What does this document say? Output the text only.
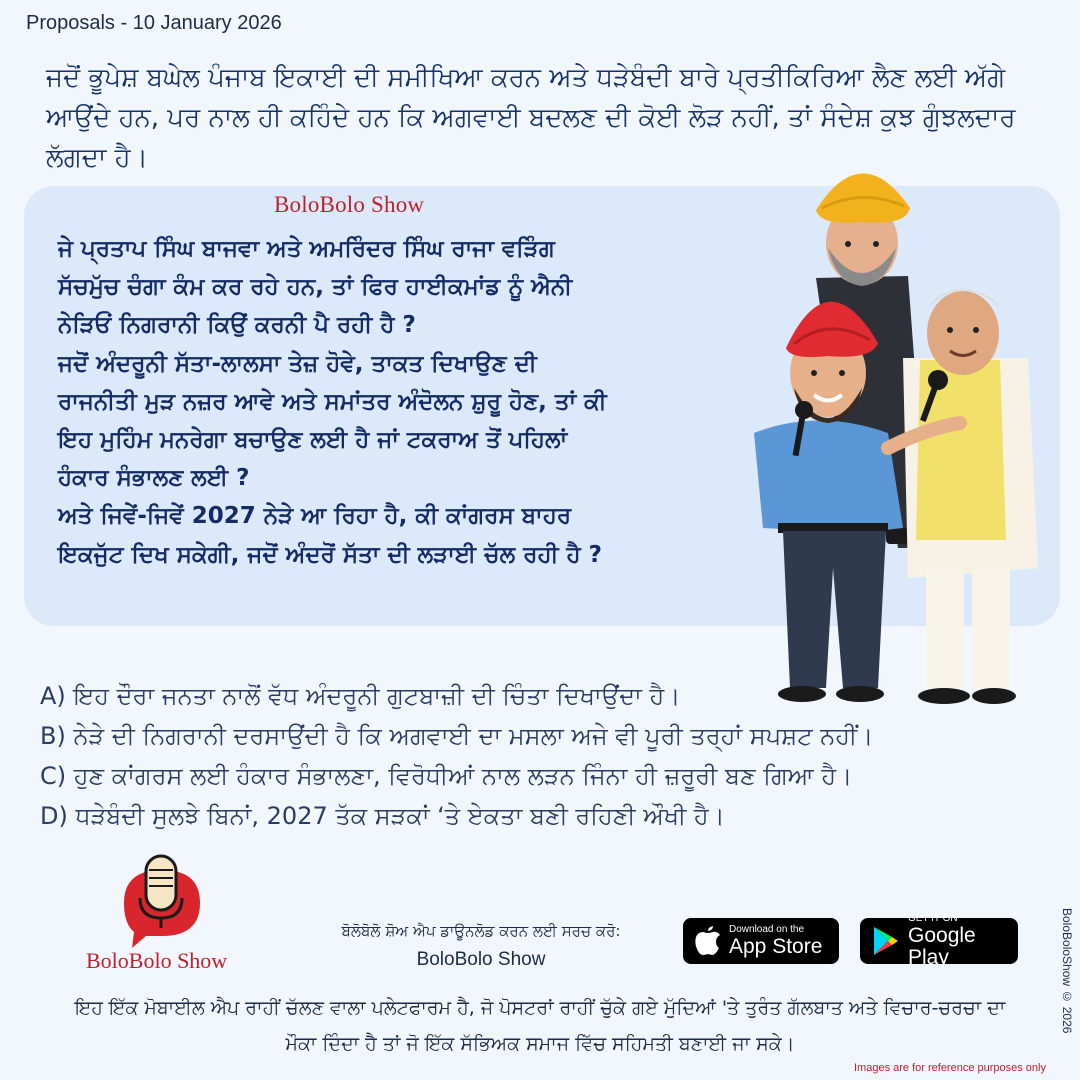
Proposals - 10 January 2026

ਜਦੋਂ ਭੂਪੇਸ਼ ਬਘੇਲ ਪੰਜਾਬ ਇਕਾਈ ਦੀ ਸਮੀਖਿਆ ਕਰਨ ਅਤੇ ਧੜੇਬੰਦੀ ਬਾਰੇ ਪ੍ਰਤੀਕਿਰਿਆ ਲੈਣ ਲਈ ਅੱਗੇ ਆਉਂਦੇ ਹਨ, ਪਰ ਨਾਲ ਹੀ ਕਹਿੰਦੇ ਹਨ ਕਿ ਅਗਵਾਈ ਬਦਲਣ ਦੀ ਕੋਈ ਲੋੜ ਨਹੀਂ, ਤਾਂ ਸੰਦੇਸ਼ ਕੁਝ ਗੁੰਝਲਦਾਰ ਲੱਗਦਾ ਹੈ।

BoloBolo Show
ਜੇ ਪ੍ਰਤਾਪ ਸਿੰਘ ਬਾਜਵਾ ਅਤੇ ਅਮਰਿੰਦਰ ਸਿੰਘ ਰਾਜਾ ਵੜਿੰਗ
ਸੱਚਮੁੱਚ ਚੰਗਾ ਕੰਮ ਕਰ ਰਹੇ ਹਨ, ਤਾਂ ਫਿਰ ਹਾਈਕਮਾਂਡ ਨੂੰ ਐਨੀ
ਨੇੜਿਓਂ ਨਿਗਰਾਨੀ ਕਿਉਂ ਕਰਨੀ ਪੈ ਰਹੀ ਹੈ ?
ਜਦੋਂ ਅੰਦਰੂਨੀ ਸੱਤਾ-ਲਾਲਸਾ ਤੇਜ਼ ਹੋਵੇ, ਤਾਕਤ ਦਿਖਾਉਣ ਦੀ
ਰਾਜਨੀਤੀ ਮੁੜ ਨਜ਼ਰ ਆਵੇ ਅਤੇ ਸਮਾਂਤਰ ਅੰਦੋਲਨ ਸ਼ੁਰੂ ਹੋਣ, ਤਾਂ ਕੀ
ਇਹ ਮੁਹਿੰਮ ਮਨਰੇਗਾ ਬਚਾਉਣ ਲਈ ਹੈ ਜਾਂ ਟਕਰਾਅ ਤੋਂ ਪਹਿਲਾਂ
ਹੰਕਾਰ ਸੰਭਾਲਣ ਲਈ ?
ਅਤੇ ਜਿਵੇਂ-ਜਿਵੇਂ 2027 ਨੇੜੇ ਆ ਰਿਹਾ ਹੈ, ਕੀ ਕਾਂਗਰਸ ਬਾਹਰ
ਇਕਜੁੱਟ ਦਿਖ ਸਕੇਗੀ, ਜਦੋਂ ਅੰਦਰੋਂ ਸੱਤਾ ਦੀ ਲੜਾਈ ਚੱਲ ਰਹੀ ਹੈ ?
A) ਇਹ ਦੌਰਾ ਜਨਤਾ ਨਾਲੋਂ ਵੱਧ ਅੰਦਰੂਨੀ ਗੁਟਬਾਜ਼ੀ ਦੀ ਚਿੰਤਾ ਦਿਖਾਉਂਦਾ ਹੈ।
B) ਨੇੜੇ ਦੀ ਨਿਗਰਾਨੀ ਦਰਸਾਉਂਦੀ ਹੈ ਕਿ ਅਗਵਾਈ ਦਾ ਮਸਲਾ ਅਜੇ ਵੀ ਪੂਰੀ ਤਰ੍ਹਾਂ ਸਪਸ਼ਟ ਨਹੀਂ।
C) ਹੁਣ ਕਾਂਗਰਸ ਲਈ ਹੰਕਾਰ ਸੰਭਾਲਣਾ, ਵਿਰੋਧੀਆਂ ਨਾਲ ਲੜਨ ਜਿੰਨਾ ਹੀ ਜ਼ਰੂਰੀ ਬਣ ਗਿਆ ਹੈ।
D) ਧੜੇਬੰਦੀ ਸੁਲਝੇ ਬਿਨਾਂ, 2027 ਤੱਕ ਸੜਕਾਂ ‘ਤੇ ਏਕਤਾ ਬਣੀ ਰਹਿਣੀ ਔਖੀ ਹੈ।
BoloBolo Show
ਬੋਲੋਬੋਲੋ ਸ਼ੋਅ ਐਪ ਡਾਊਨਲੋਡ ਕਰਨ ਲਈ ਸਰਚ ਕਰੋ:
BoloBolo Show
Download on the
App Store
GET IT ON
Google Play

ਇਹ ਇੱਕ ਮੋਬਾਈਲ ਐਪ ਰਾਹੀਂ ਚੱਲਣ ਵਾਲਾ ਪਲੇਟਫਾਰਮ ਹੈ, ਜੋ ਪੋਸਟਰਾਂ ਰਾਹੀਂ ਚੁੱਕੇ ਗਏ ਮੁੱਦਿਆਂ 'ਤੇ ਤੁਰੰਤ ਗੱਲਬਾਤ ਅਤੇ ਵਿਚਾਰ-ਚਰਚਾ ਦਾ ਮੌਕਾ ਦਿੰਦਾ ਹੈ ਤਾਂ ਜੋ ਇੱਕ ਸੱਭਿਅਕ ਸਮਾਜ ਵਿੱਚ ਸਹਿਮਤੀ ਬਣਾਈ ਜਾ ਸਕੇ।

BoloBoloShow © 2026
Images are for reference purposes only
